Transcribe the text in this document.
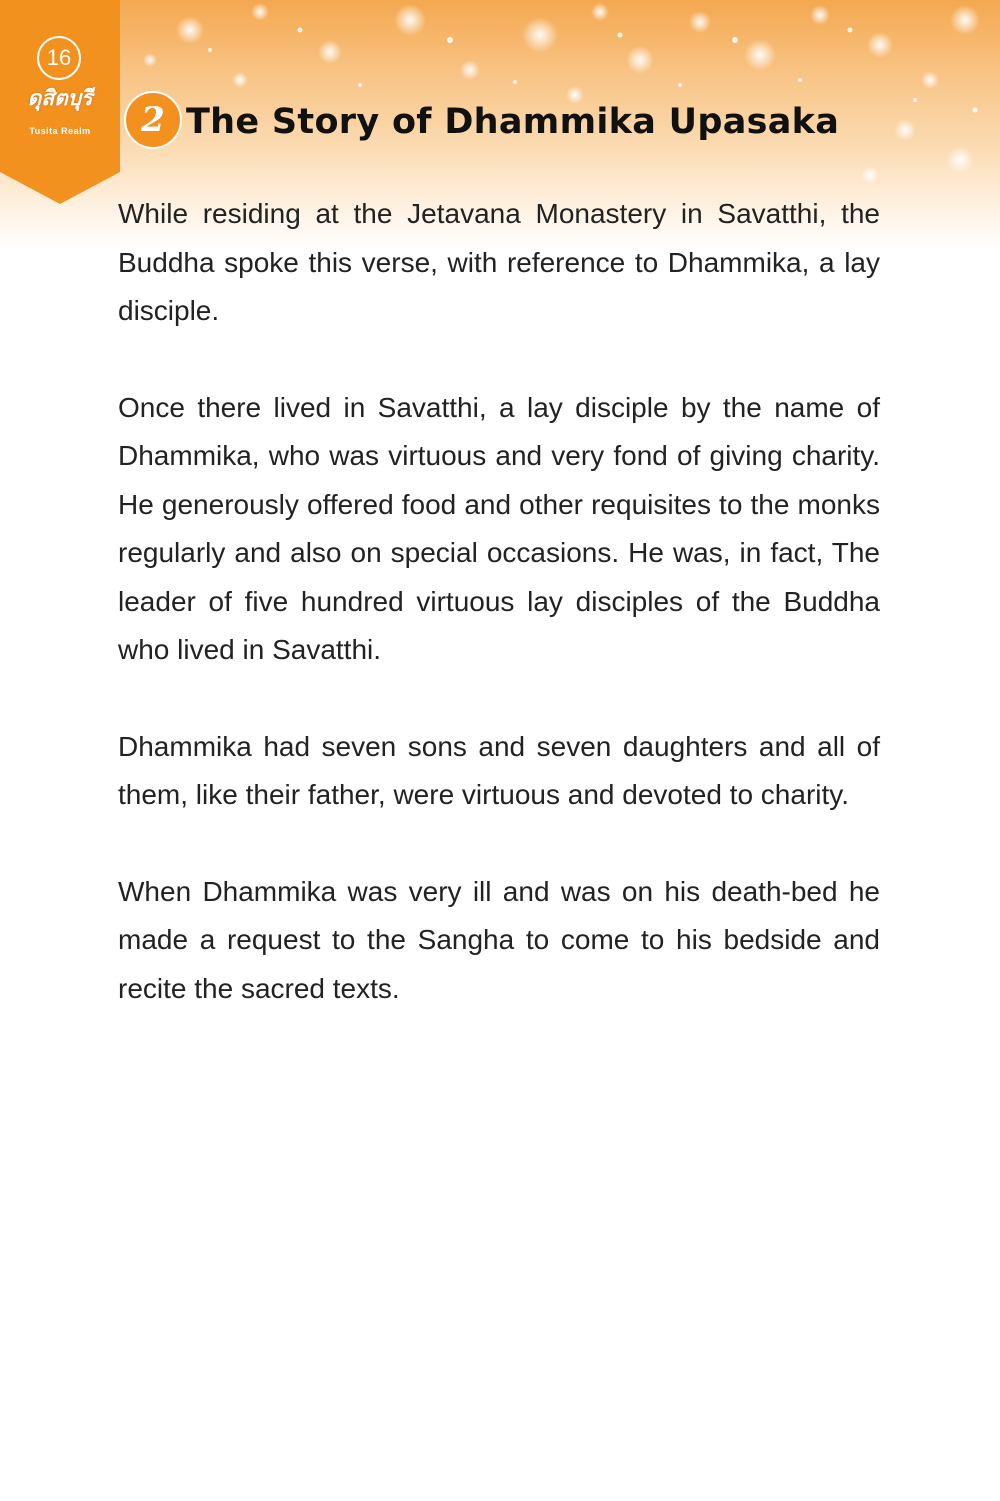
16
ดุสิตบุรี
Tusita Realm	2 The Story of Dhammika Upasaka

While residing at the Jetavana Monastery in Savatthi, the Buddha spoke this verse, with reference to Dhammika, a lay disciple.

Once there lived in Savatthi, a lay disciple by the name of Dhammika, who was virtuous and very fond of giving charity. He generously offered food and other requisites to the monks regularly and also on special occasions. He was, in fact, The leader of five hundred virtuous lay disciples of the Buddha who lived in Savatthi.

Dhammika had seven sons and seven daughters and all of them, like their father, were virtuous and devoted to charity.

When Dhammika was very ill and was on his death-bed he made a request to the Sangha to come to his bedside and recite the sacred texts.
